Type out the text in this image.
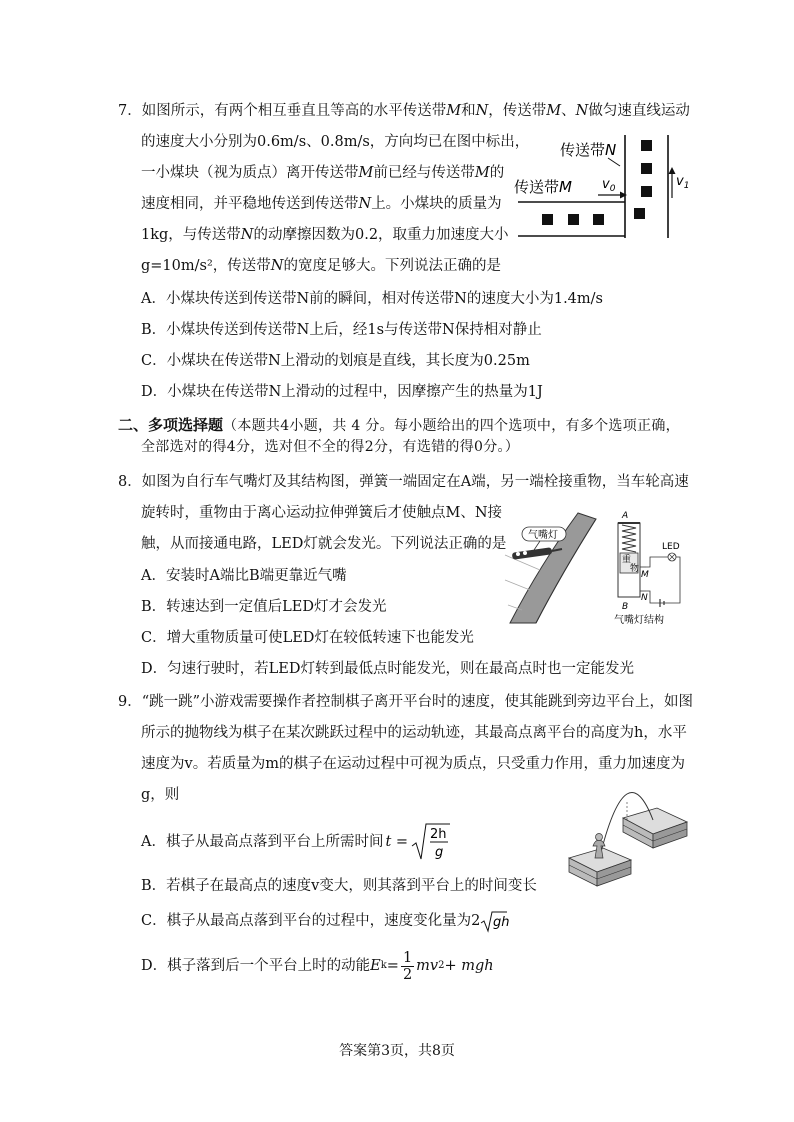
7．如图所示，有两个相互垂直且等高的水平传送带M和N，传送带M、N做匀速直线运动
的速度大小分别为0.6m/s、0.8m/s，方向均已在图中标出，
一小煤块（视为质点）离开传送带M前已经与传送带M的
速度相同，并平稳地传送到传送带N上。小煤块的质量为
1kg，与传送带N的动摩擦因数为0.2，取重力加速度大小
g=10m/s²，传送带N的宽度足够大。下列说法正确的是
A．小煤块传送到传送带N前的瞬间，相对传送带N的速度大小为1.4m/s
B．小煤块传送到传送带N上后，经1s与传送带N保持相对静止
C．小煤块在传送带N上滑动的划痕是直线，其长度为0.25m
D．小煤块在传送带N上滑动的过程中，因摩擦产生的热量为1J
传送带N
传送带M $v_0$	$v_1$
二、多项选择题（本题共4小题，共 4 分。每小题给出的四个选项中，有多个选项正确，
全部选对的得4分，选对但不全的得2分，有选错的得0分。）
8．如图为自行车气嘴灯及其结构图，弹簧一端固定在A端，另一端栓接重物，当车轮高速
旋转时，重物由于离心运动拉伸弹簧后才使触点M、N接
触，从而接通电路，LED灯就会发光。下列说法正确的是
A．安装时A端比B端更靠近气嘴
B．转速达到一定值后LED灯才会发光
C．增大重物质量可使LED灯在较低转速下也能发光
D．匀速行驶时，若LED灯转到最低点时能发光，则在最高点时也一定能发光
气嘴灯
A
重
物
M
N
B
LED
气嘴灯结构
9．“跳一跳”小游戏需要操作者控制棋子离开平台时的速度，使其能跳到旁边平台上，如图
所示的抛物线为棋子在某次跳跃过程中的运动轨迹，其最高点离平台的高度为h，水平
速度为v。若质量为m的棋子在运动过程中可视为质点，只受重力作用，重力加速度为
g，则
A．棋子从最高点落到平台上所需时间 t = 2h
g
B．若棋子在最高点的速度v变大，则其落到平台上的时间变长
C．棋子从最高点落到平台的过程中，速度变化量为 2 gh
D．棋子落到后一个平台上时的动能 E $k = \frac{1}{2}$ mv 2 + mgh
答案第3页，共8页
